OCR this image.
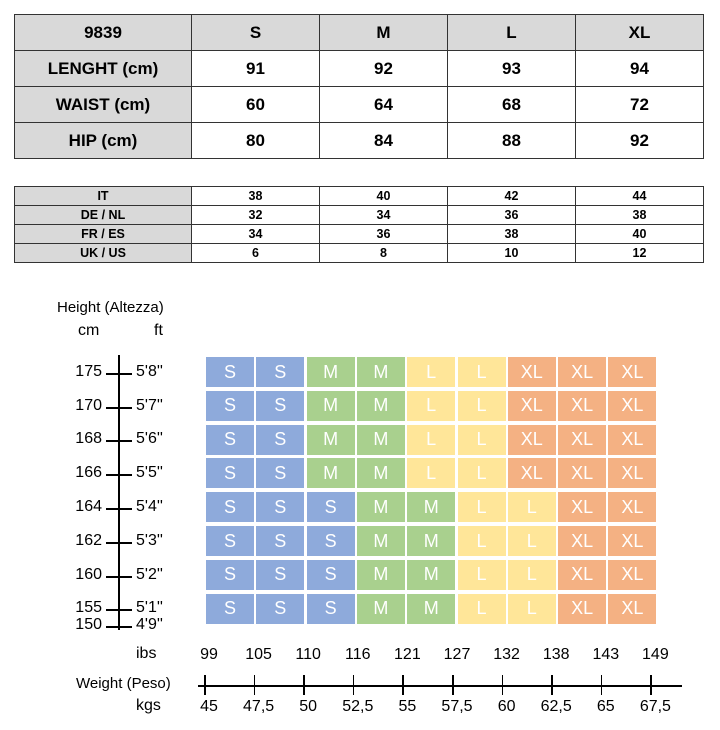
9839	S	M	L	XL
LENGHT (cm)	91	92	93	94
WAIST (cm)	60	64	68	72
HIP (cm)	80	84	88	92
IT	38	40	42	44
DE / NL	32	34	36	38
FR / ES	34	36	38	40
UK / US	6	8	10	12
Height (Altezza)
cm	ft
175 5'8''
170 5'7''
168 5'6''
166 5'5''
164 5'4''
162 5'3''
160 5'2''
155 5'1''
150 4'9''
S	S	M	M	L	L	XL	XL	XL
S	S	M	M	L	L	XL	XL	XL
S	S	M	M	L	L	XL	XL	XL
S	S	M	M	L	L	XL	XL	XL
S	S	S	M	M	L	L	XL	XL
S	S	S	M	M	L	L	XL	XL
S	S	S	M	M	L	L	XL	XL
S	S	S	M	M	L	L	XL	XL
ibs	99	105	110	116	121	127	132	138	143	149
Weight (Peso)
kgs	45	47,5	50	52,5	55	57,5	60	62,5	65	67,5
